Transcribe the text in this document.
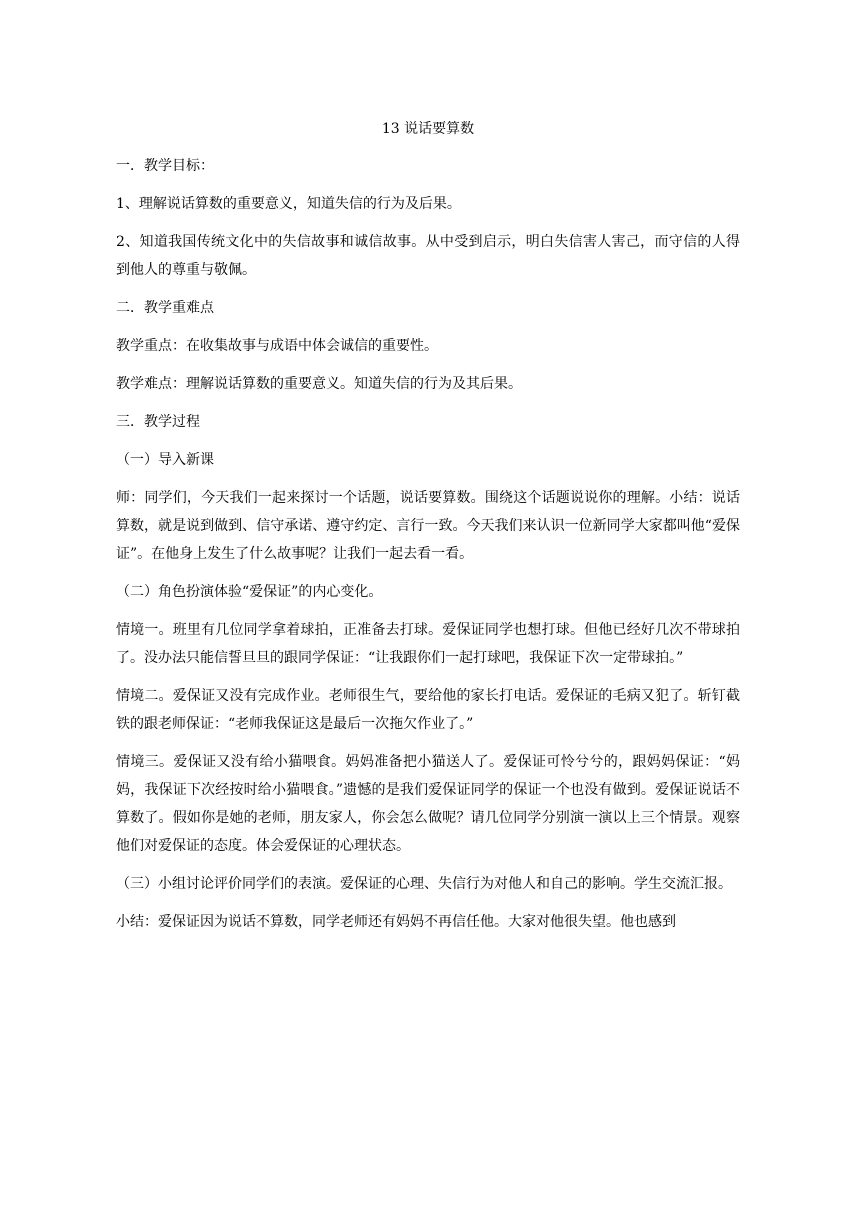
13 说话要算数

一．教学目标：

1、理解说话算数的重要意义，知道失信的行为及后果。

2、知道我国传统文化中的失信故事和诚信故事。从中受到启示，明白失信害人害己，而守信的人得到他人的尊重与敬佩。

二．教学重难点

教学重点：在收集故事与成语中体会诚信的重要性。

教学难点：理解说话算数的重要意义。知道失信的行为及其后果。

三．教学过程

（一）导入新课

师：同学们，今天我们一起来探讨一个话题，说话要算数。围绕这个话题说说你的理解。小结：说话算数，就是说到做到、信守承诺、遵守约定、言行一致。今天我们来认识一位新同学大家都叫他“爱保证”。在他身上发生了什么故事呢？让我们一起去看一看。

（二）角色扮演体验“爱保证”的内心变化。

情境一。班里有几位同学拿着球拍，正准备去打球。爱保证同学也想打球。但他已经好几次不带球拍了。没办法只能信誓旦旦的跟同学保证：“让我跟你们一起打球吧，我保证下次一定带球拍。”

情境二。爱保证又没有完成作业。老师很生气，要给他的家长打电话。爱保证的毛病又犯了。斩钉截铁的跟老师保证：“老师我保证这是最后一次拖欠作业了。”

情境三。爱保证又没有给小猫喂食。妈妈准备把小猫送人了。爱保证可怜兮兮的，跟妈妈保证：“妈妈，我保证下次经按时给小猫喂食。”遗憾的是我们爱保证同学的保证一个也没有做到。爱保证说话不算数了。假如你是她的老师，朋友家人，你会怎么做呢？请几位同学分别演一演以上三个情景。观察他们对爱保证的态度。体会爱保证的心理状态。

（三）小组讨论评价同学们的表演。爱保证的心理、失信行为对他人和自己的影响。学生交流汇报。

小结：爱保证因为说话不算数，同学老师还有妈妈不再信任他。大家对他很失望。他也感到
